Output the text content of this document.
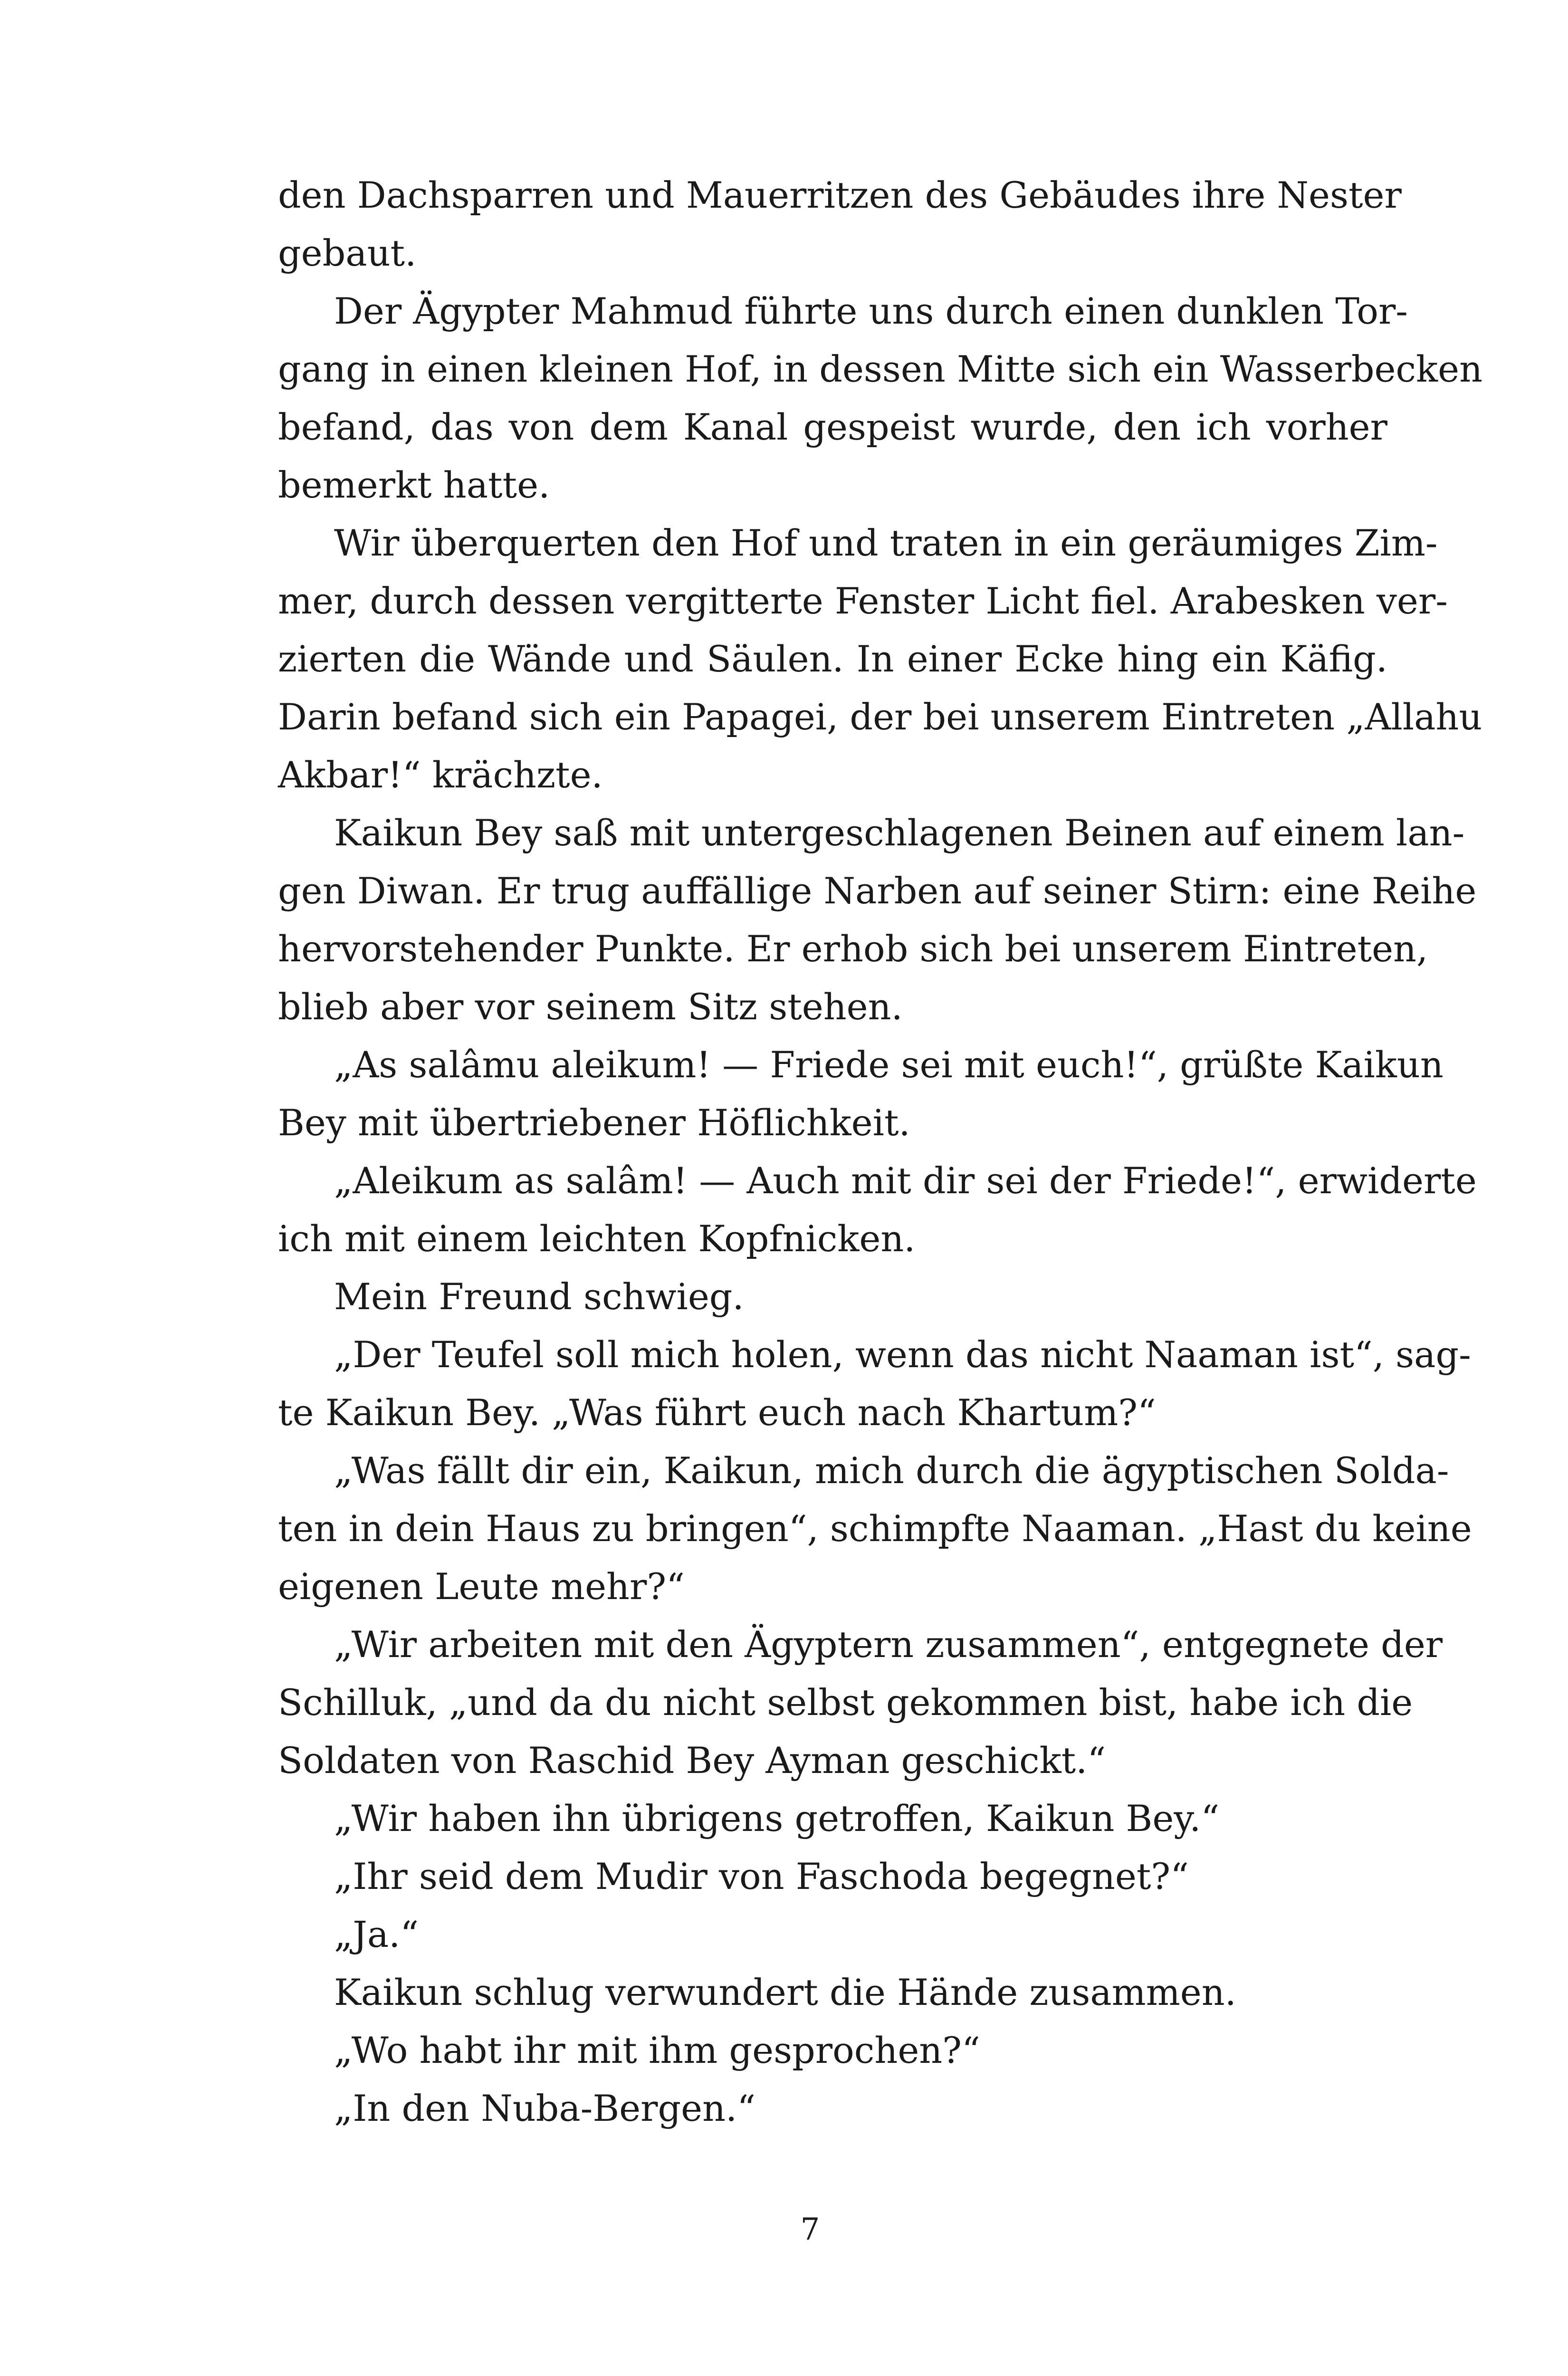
den Dachsparren und Mauerritzen des Gebäudes ihre Nester
gebaut.
Der Ägypter Mahmud führte uns durch einen dunklen Tor-
gang in einen kleinen Hof, in dessen Mitte sich ein Wasserbecken
befand, das von dem Kanal gespeist wurde, den ich vorher
bemerkt hatte.
Wir überquerten den Hof und traten in ein geräumiges Zim-
mer, durch dessen vergitterte Fenster Licht fiel. Arabesken ver-
zierten die Wände und Säulen. In einer Ecke hing ein Käfig.
Darin befand sich ein Papagei, der bei unserem Eintreten „Allahu
Akbar!“ krächzte.
Kaikun Bey saß mit untergeschlagenen Beinen auf einem lan-
gen Diwan. Er trug auffällige Narben auf seiner Stirn: eine Reihe
hervorstehender Punkte. Er erhob sich bei unserem Eintreten,
blieb aber vor seinem Sitz stehen.
„As salâmu aleikum! — Friede sei mit euch!“, grüßte Kaikun
Bey mit übertriebener Höflichkeit.
„Aleikum as salâm! — Auch mit dir sei der Friede!“, erwiderte
ich mit einem leichten Kopfnicken.
Mein Freund schwieg.
„Der Teufel soll mich holen, wenn das nicht Naaman ist“, sag-
te Kaikun Bey. „Was führt euch nach Khartum?“
„Was fällt dir ein, Kaikun, mich durch die ägyptischen Solda-
ten in dein Haus zu bringen“, schimpfte Naaman. „Hast du keine
eigenen Leute mehr?“
„Wir arbeiten mit den Ägyptern zusammen“, entgegnete der
Schilluk, „und da du nicht selbst gekommen bist, habe ich die
Soldaten von Raschid Bey Ayman geschickt.“
„Wir haben ihn übrigens getroffen, Kaikun Bey.“
„Ihr seid dem Mudir von Faschoda begegnet?“
„Ja.“
Kaikun schlug verwundert die Hände zusammen.
„Wo habt ihr mit ihm gesprochen?“
„In den Nuba-Bergen.“
7
